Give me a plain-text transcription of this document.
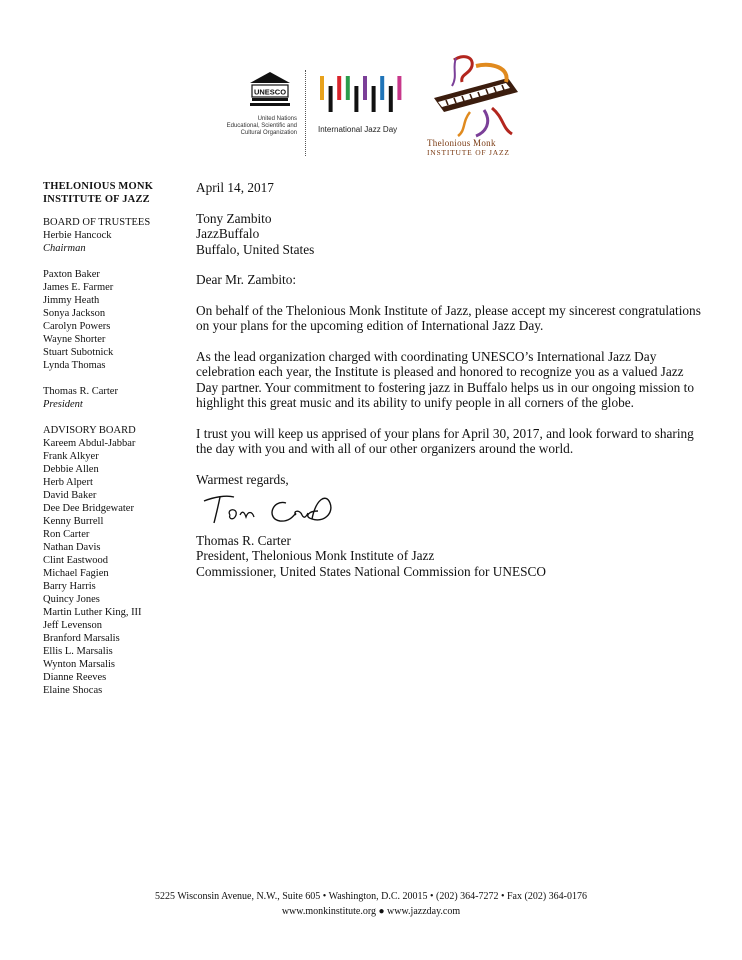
UNESCO
United Nations
Educational, Scientific and
Cultural Organization	International Jazz Day
Thelonious Monk
INSTITUTE OF JAZZ
THELONIOUS MONK
INSTITUTE OF JAZZ
BOARD OF TRUSTEES
Herbie Hancock
Chairman
Paxton Baker
James E. Farmer
Jimmy Heath
Sonya Jackson
Carolyn Powers
Wayne Shorter
Stuart Subotnick
Lynda Thomas
Thomas R. Carter
President
ADVISORY BOARD
Kareem Abdul-Jabbar
Frank Alkyer
Debbie Allen
Herb Alpert
David Baker
Dee Dee Bridgewater
Kenny Burrell
Ron Carter
Nathan Davis
Clint Eastwood
Michael Fagien
Barry Harris
Quincy Jones
Martin Luther King, III
Jeff Levenson
Branford Marsalis
Ellis L. Marsalis
Wynton Marsalis
Dianne Reeves
Elaine Shocas

April 14, 2017

Tony Zambito

JazzBuffalo

Buffalo, United States

Dear Mr. Zambito:

On behalf of the Thelonious Monk Institute of Jazz, please accept my sincerest congratulations on your plans for the upcoming edition of International Jazz Day.

As the lead organization charged with coordinating UNESCO’s International Jazz Day celebration each year, the Institute is pleased and honored to recognize you as a valued Jazz Day partner. Your commitment to fostering jazz in Buffalo helps us in our ongoing mission to highlight this great music and its ability to unify people in all corners of the globe.

I trust you will keep us apprised of your plans for April 30, 2017, and look forward to sharing the day with you and with all of our other organizers around the world.

Warmest regards,

Thomas R. Carter

President, Thelonious Monk Institute of Jazz

Commissioner, United States National Commission for UNESCO

5225 Wisconsin Avenue, N.W., Suite 605 • Washington, D.C. 20015 • (202) 364-7272 • Fax (202) 364-0176
www.monkinstitute.org ● www.jazzday.com
